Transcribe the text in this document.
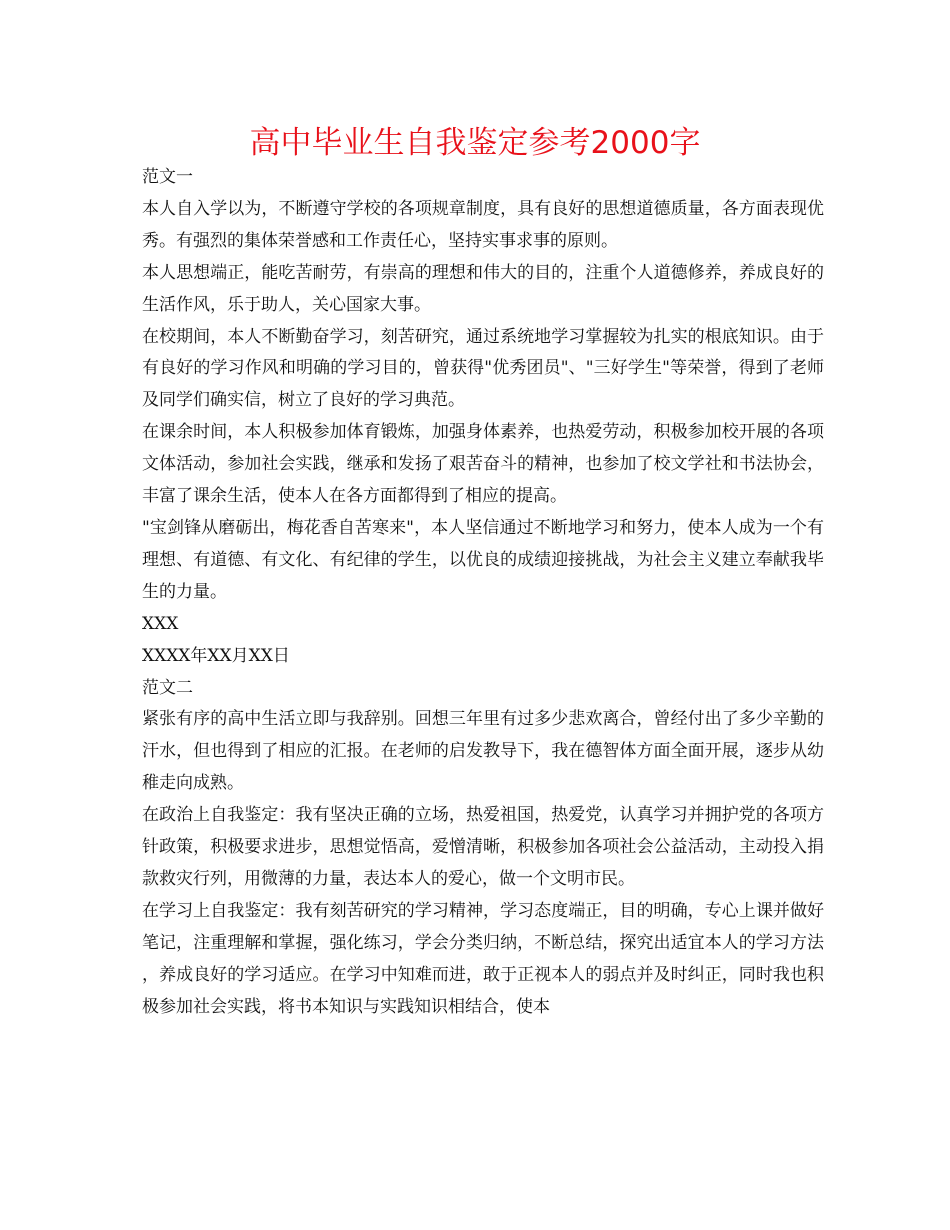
高中毕业生自我鉴定参考2000字

范文一

本人自入学以为，不断遵守学校的各项规章制度，具有良好的思想道德质量，各方面表现优秀。有强烈的集体荣誉感和工作责任心，坚持实事求事的原则。

本人思想端正，能吃苦耐劳，有崇高的理想和伟大的目的，注重个人道德修养，养成良好的生活作风，乐于助人，关心国家大事。

在校期间，本人不断勤奋学习，刻苦研究，通过系统地学习掌握较为扎实的根底知识。由于有良好的学习作风和明确的学习目的，曾获得"优秀团员"、"三好学生"等荣誉，得到了老师及同学们确实信，树立了良好的学习典范。

在课余时间，本人积极参加体育锻炼，加强身体素养，也热爱劳动，积极参加校开展的各项文体活动，参加社会实践，继承和发扬了艰苦奋斗的精神，也参加了校文学社和书法协会，丰富了课余生活，使本人在各方面都得到了相应的提高。

"宝剑锋从磨砺出，梅花香自苦寒来"，本人坚信通过不断地学习和努力，使本人成为一个有理想、有道德、有文化、有纪律的学生，以优良的成绩迎接挑战，为社会主义建立奉献我毕生的力量。

XXX

XXXX年XX月XX日

范文二

紧张有序的高中生活立即与我辞别。回想三年里有过多少悲欢离合，曾经付出了多少辛勤的汗水，但也得到了相应的汇报。在老师的启发教导下，我在德智体方面全面开展，逐步从幼稚走向成熟。

在政治上自我鉴定：我有坚决正确的立场，热爱祖国，热爱党，认真学习并拥护党的各项方针政策，积极要求进步，思想觉悟高，爱憎清晰，积极参加各项社会公益活动，主动投入捐款救灾行列，用微薄的力量，表达本人的爱心，做一个文明市民。

在学习上自我鉴定：我有刻苦研究的学习精神，学习态度端正，目的明确，专心上课并做好笔记，注重理解和掌握，强化练习，学会分类归纳，不断总结，探究出适宜本人的学习方法，养成良好的学习适应。在学习中知难而进，敢于正视本人的弱点并及时纠正，同时我也积极参加社会实践，将书本知识与实践知识相结合，使本
